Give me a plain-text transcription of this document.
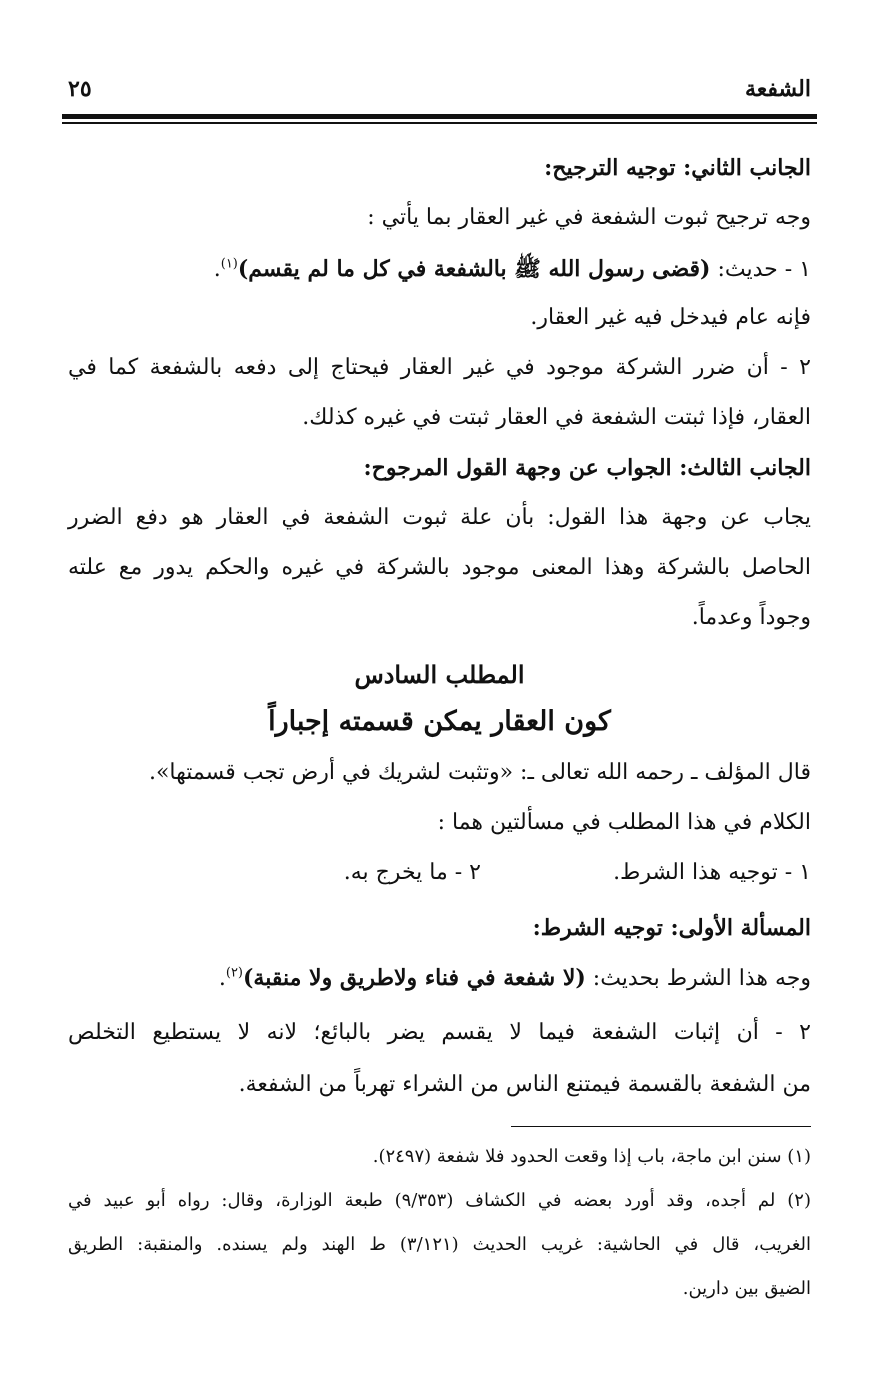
الشفعة
٢٥
الجانب الثاني: توجيه الترجيح:
وجه ترجيح ثبوت الشفعة في غير العقار بما يأتي :
١ - حديث: (قضى رسول الله ﷺ بالشفعة في كل ما لم يقسم)$^{(١)}$.
فإنه عام فيدخل فيه غير العقار.
٢ - أن ضرر الشركة موجود في غير العقار فيحتاج إلى دفعه بالشفعة كما في
العقار، فإذا ثبتت الشفعة في العقار ثبتت في غيره كذلك.
الجانب الثالث: الجواب عن وجهة القول المرجوح:
يجاب عن وجهة هذا القول: بأن علة ثبوت الشفعة في العقار هو دفع الضرر
الحاصل بالشركة وهذا المعنى موجود بالشركة في غيره والحكم يدور مع علته
وجوداً وعدماً.
المطلب السادس
كون العقار يمكن قسمته إجباراً
قال المؤلف ـ رحمه الله تعالى ـ: «وتثبت لشريك في أرض تجب قسمتها».
الكلام في هذا المطلب في مسألتين هما :
١ - توجيه هذا الشرط.
٢ - ما يخرج به.
المسألة الأولى: توجيه الشرط:
وجه هذا الشرط بحديث: (لا شفعة في فناء ولاطريق ولا منقبة)$^{(٢)}$.
٢ - أن إثبات الشفعة فيما لا يقسم يضر بالبائع؛ لانه لا يستطيع التخلص
من الشفعة بالقسمة فيمتنع الناس من الشراء تهرباً من الشفعة.
(١) سنن ابن ماجة، باب إذا وقعت الحدود فلا شفعة (٢٤٩٧).
(٢) لم أجده، وقد أورد بعضه في الكشاف (٩/٣٥٣) طبعة الوزارة، وقال: رواه أبو عبيد في
الغريب، قال في الحاشية: غريب الحديث (٣/١٢١) ط الهند ولم يسنده. والمنقبة: الطريق
الضيق بين دارين.
